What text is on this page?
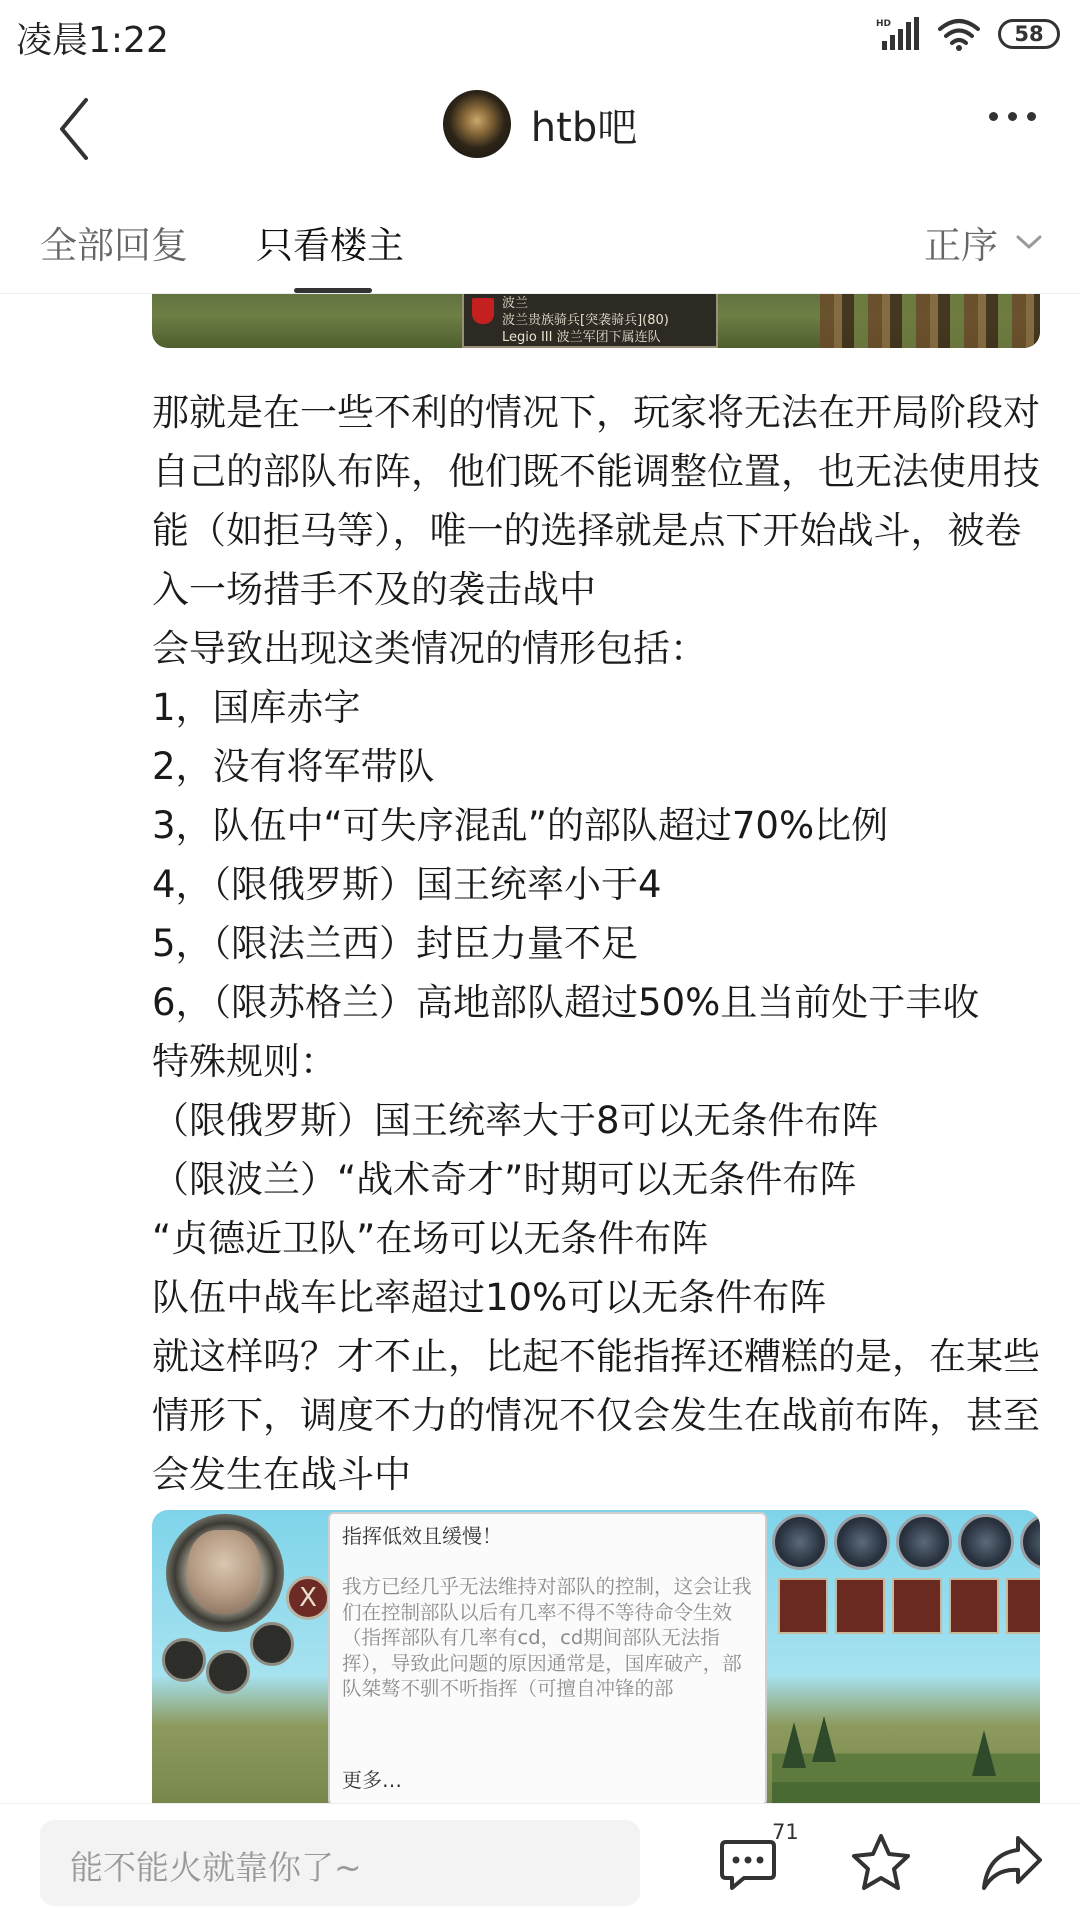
凌晨1:22	HD	58
htb吧
全部回复 只看楼主	正序
波兰
波兰贵族骑兵[突袭骑兵](80)
Legio III 波兰军团下属连队

那就是在一些不利的情况下，玩家将无法在开局阶段对自己的部队布阵，他们既不能调整位置，也无法使用技能（如拒马等），唯一的选择就是点下开始战斗，被卷入一场措手不及的袭击战中

会导致出现这类情况的情形包括：

1，国库赤字

2，没有将军带队

3，队伍中“可失序混乱”的部队超过70%比例

4，（限俄罗斯）国王统率小于4

5，（限法兰西）封臣力量不足

6，（限苏格兰）高地部队超过50%且当前处于丰收

特殊规则：

（限俄罗斯）国王统率大于8可以无条件布阵

（限波兰）“战术奇才”时期可以无条件布阵

“贞德近卫队”在场可以无条件布阵

队伍中战车比率超过10%可以无条件布阵

就这样吗？才不止，比起不能指挥还糟糕的是，在某些情形下，调度不力的情况不仅会发生在战前布阵，甚至会发生在战斗中

X
指挥低效且缓慢！
我方已经几乎无法维持对部队的控制，这会让我们在控制部队以后有几率不得不等待命令生效（指挥部队有几率有cd，cd期间部队无法指挥），导致此问题的原因通常是，国库破产，部队桀骜不驯不听指挥（可擅自冲锋的部
更多…
能不能火就靠你了~
71
